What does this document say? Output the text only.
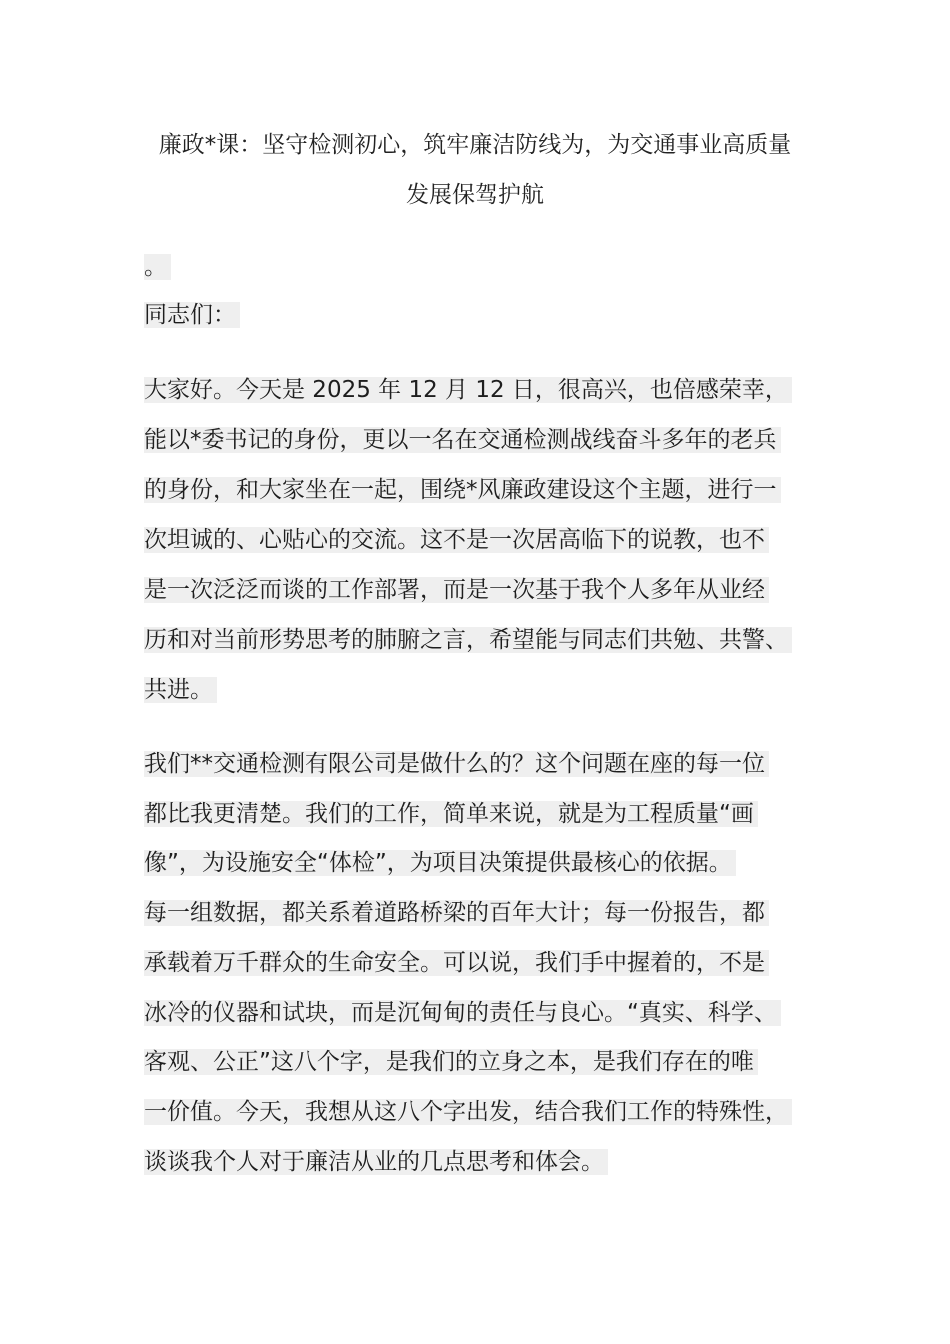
廉政*课：坚守检测初心，筑牢廉洁防线为，为交通事业高质量
发展保驾护航
。
同志们：
大家好。今天是 2025 年 12 月 12 日，很高兴，也倍感荣幸，
能以*委书记的身份，更以一名在交通检测战线奋斗多年的老兵
的身份，和大家坐在一起，围绕*风廉政建设这个主题，进行一
次坦诚的、心贴心的交流。这不是一次居高临下的说教，也不
是一次泛泛而谈的工作部署，而是一次基于我个人多年从业经
历和对当前形势思考的肺腑之言，希望能与同志们共勉、共警、
共进。
我们**交通检测有限公司是做什么的？这个问题在座的每一位
都比我更清楚。我们的工作，简单来说，就是为工程质量“画
像”，为设施安全“体检”，为项目决策提供最核心的依据。
每一组数据，都关系着道路桥梁的百年大计；每一份报告，都
承载着万千群众的生命安全。可以说，我们手中握着的，不是
冰冷的仪器和试块，而是沉甸甸的责任与良心。“真实、科学、
客观、公正”这八个字，是我们的立身之本，是我们存在的唯
一价值。今天，我想从这八个字出发，结合我们工作的特殊性，
谈谈我个人对于廉洁从业的几点思考和体会。
